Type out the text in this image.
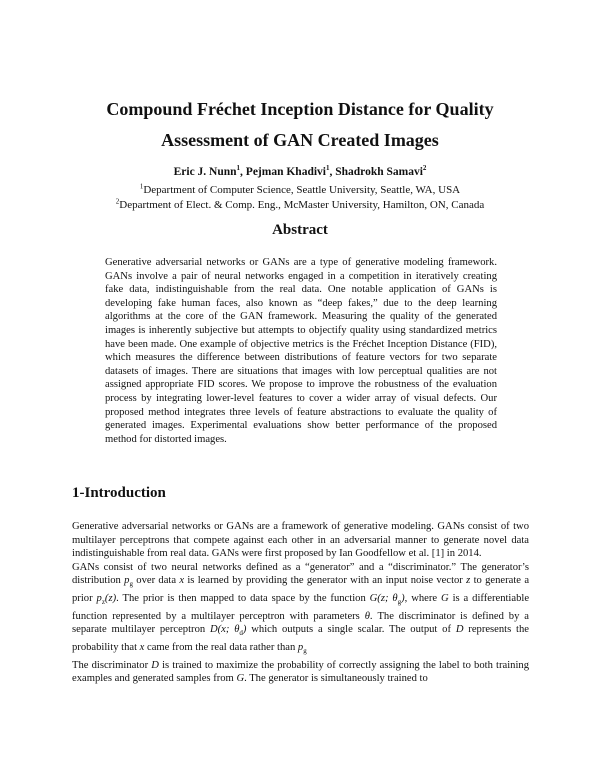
Compound Fréchet Inception Distance for Quality
Assessment of GAN Created Images
Eric J. Nunn$^1$, Pejman Khadivi$^1$, Shadrokh Samavi$^2$
$^1$Department of Computer Science, Seattle University, Seattle, WA, USA
$^2$Department of Elect. & Comp. Eng., McMaster University, Hamilton, ON, Canada
Abstract

Generative adversarial networks or GANs are a type of generative modeling framework. GANs involve a pair of neural networks engaged in a competition in iteratively creating fake data, indistinguishable from the real data. One notable application of GANs is developing fake human faces, also known as “deep fakes,” due to the deep learning algorithms at the core of the GAN framework. Measuring the quality of the generated images is inherently subjective but attempts to objectify quality using standardized metrics have been made. One example of objective metrics is the Fréchet Inception Distance (FID), which measures the difference between distributions of feature vectors for two separate datasets of images. There are situations that images with low perceptual qualities are not assigned appropriate FID scores. We propose to improve the robustness of the evaluation process by integrating lower-level features to cover a wider array of visual defects. Our proposed method integrates three levels of feature abstractions to evaluate the quality of generated images. Experimental evaluations show better performance of the proposed method for distorted images.

1-Introduction

Generative adversarial networks or GANs are a framework of generative modeling. GANs consist of two multilayer perceptrons that compete against each other in an adversarial manner to generate novel data indistinguishable from real data. GANs were first proposed by Ian Goodfellow et al. [1] in 2014.

GANs consist of two neural networks defined as a “generator” and a “discriminator.” The generator’s distribution $p_g$ over data x is learned by providing the generator with an input noise vector z to generate a prior $p_z(z)$. The prior is then mapped to data space by the function G(z; $\theta_g$), where G is a differentiable function represented by a multilayer perceptron with parameters θ. The discriminator is defined by a separate multilayer perceptron D(x; $\theta_d$) which outputs a single scalar. The output of D represents the probability that x came from the real data rather than $p_g$

The discriminator D is trained to maximize the probability of correctly assigning the label to both training examples and generated samples from G. The generator is simultaneously trained to
